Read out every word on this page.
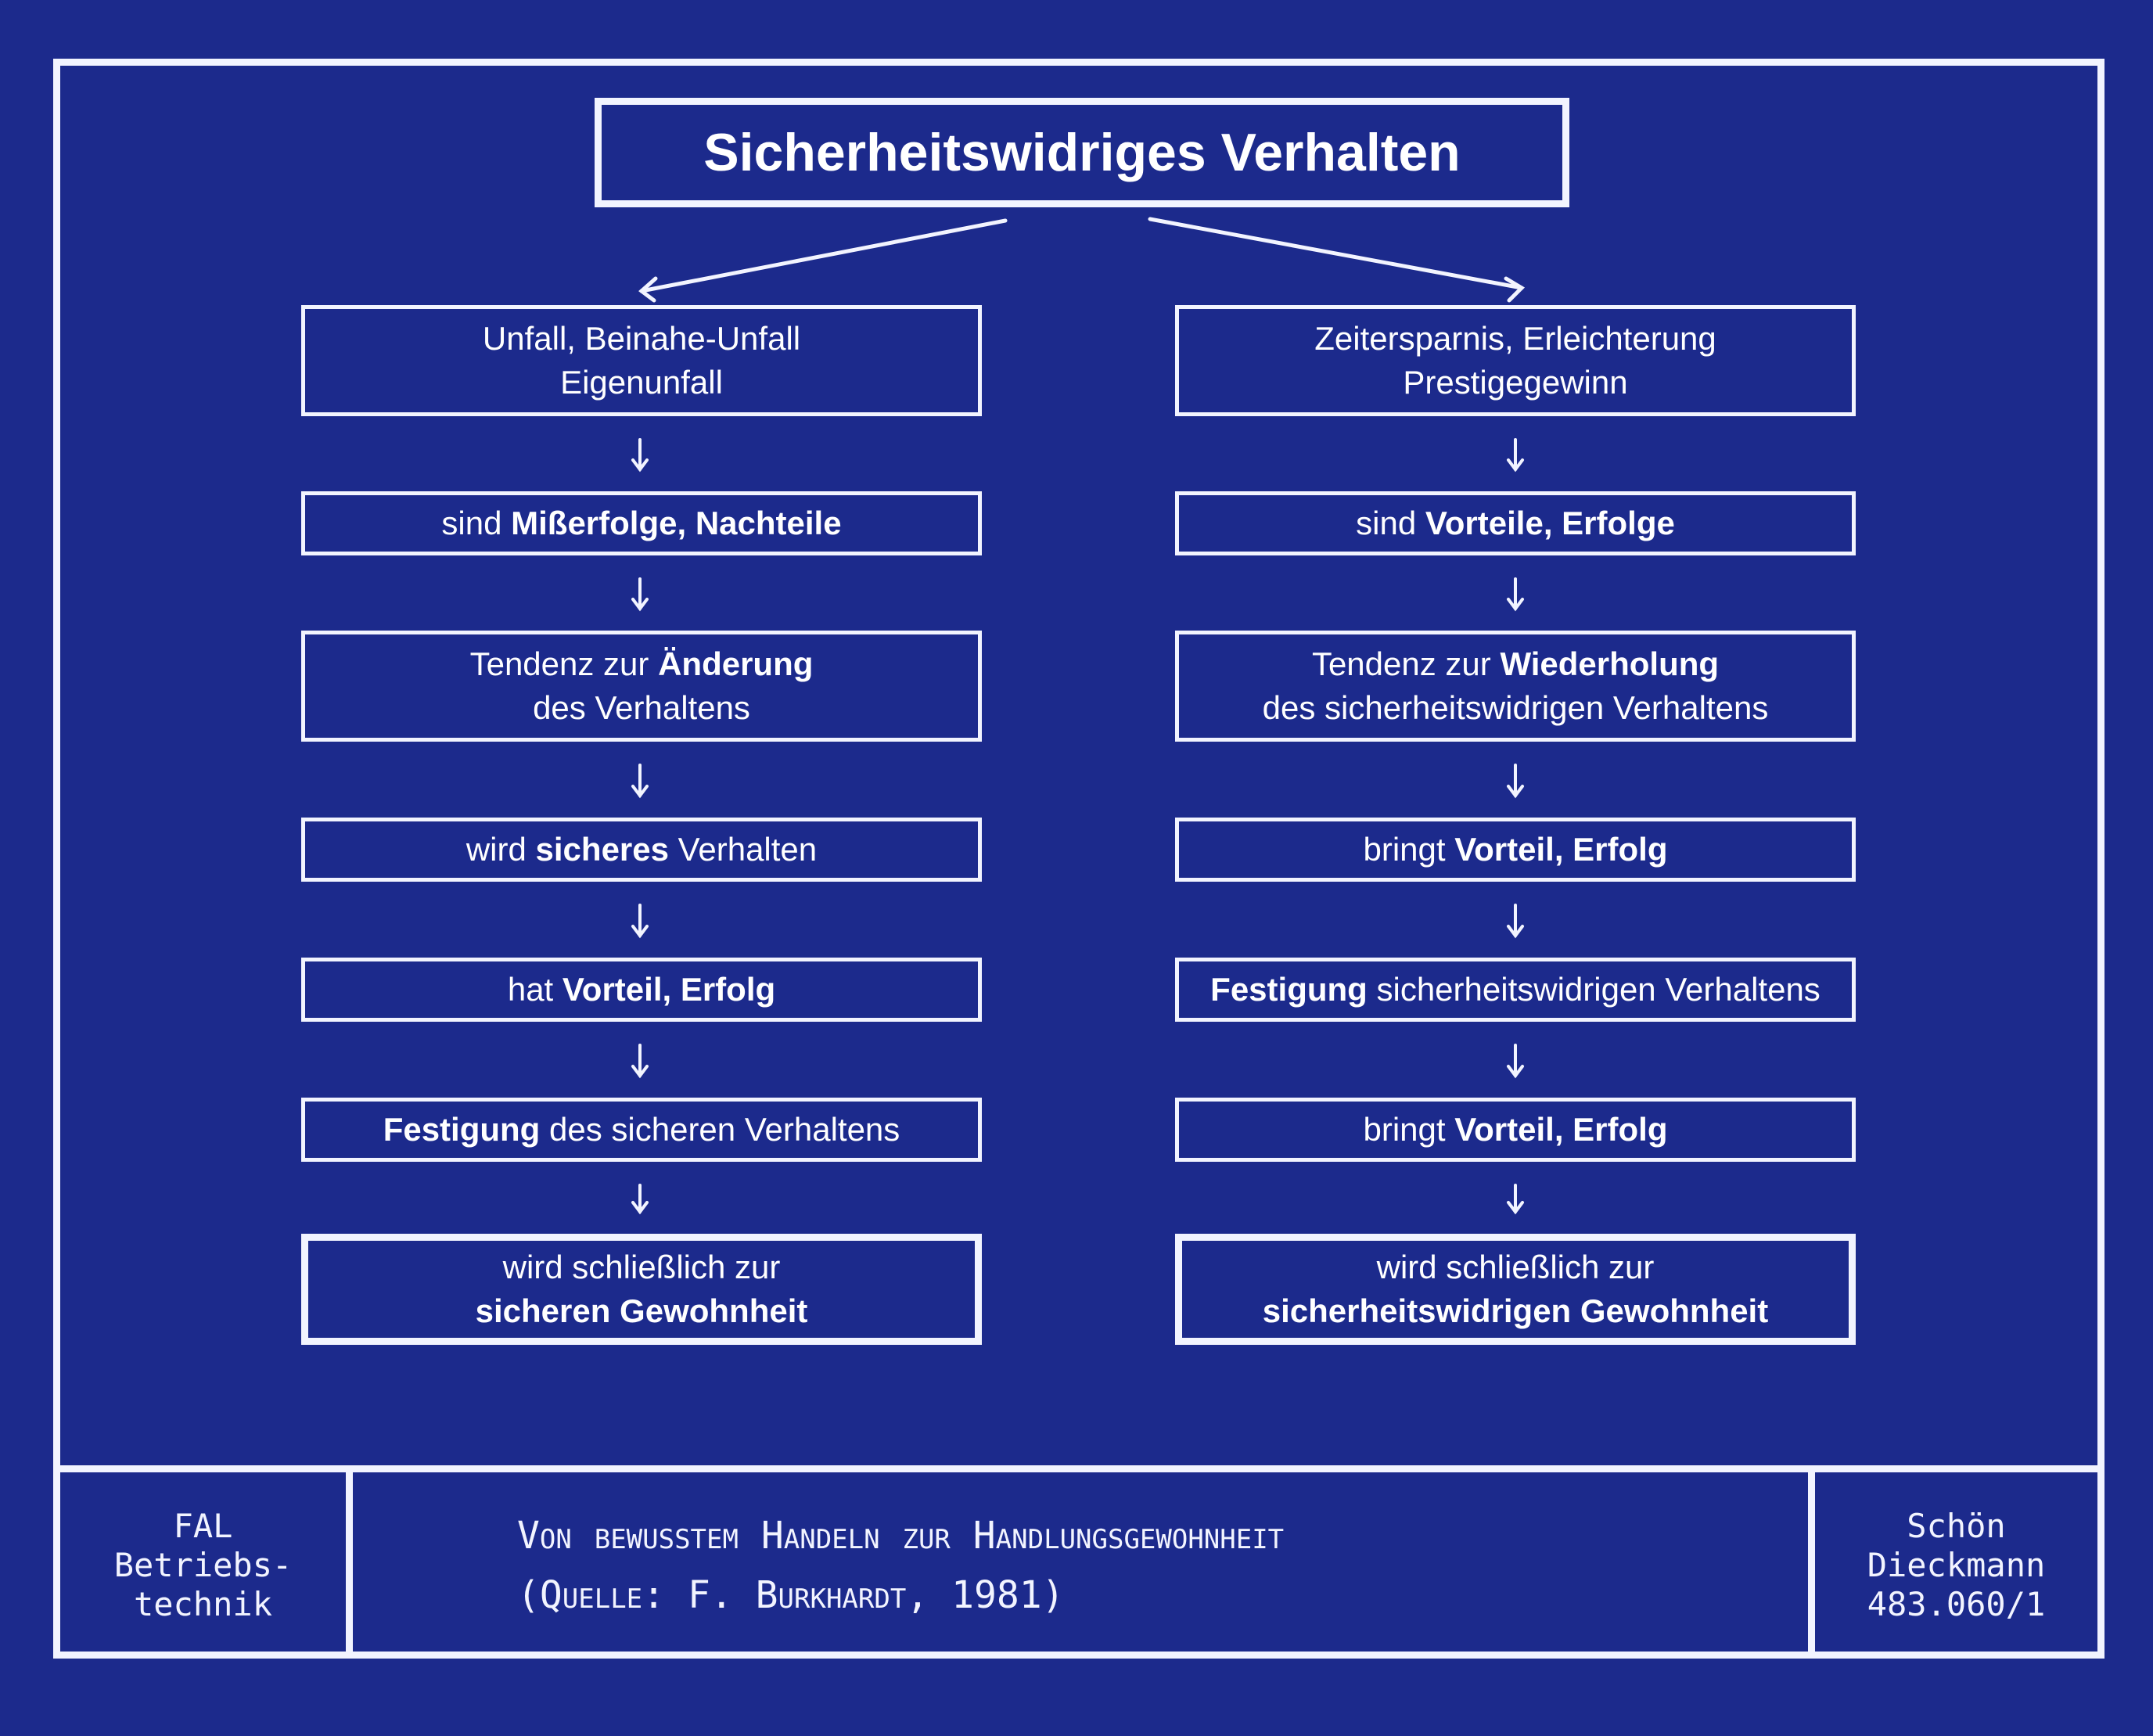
Sicherheitswidriges Verhalten
Unfall, Beinahe-Unfall
Eigenunfall
sind Mißerfolge, Nachteile
Tendenz zur Änderung
des Verhaltens
wird sicheres Verhalten
hat Vorteil, Erfolg
Festigung des sicheren Verhaltens
wird schließlich zur
sicheren Gewohnheit
Zeitersparnis, Erleichterung
Prestigegewinn
sind Vorteile, Erfolge
Tendenz zur Wiederholung
des sicherheitswidrigen Verhaltens
bringt Vorteil, Erfolg
Festigung sicherheitswidrigen Verhaltens
bringt Vorteil, Erfolg
wird schließlich zur
sicherheitswidrigen Gewohnheit
FAL
Betriebs-
technik
Von bewusstem Handeln zur Handlungsgewohnheit
(Quelle: F. Burkhardt, 1981)
Schön
Dieckmann
483.060/1
